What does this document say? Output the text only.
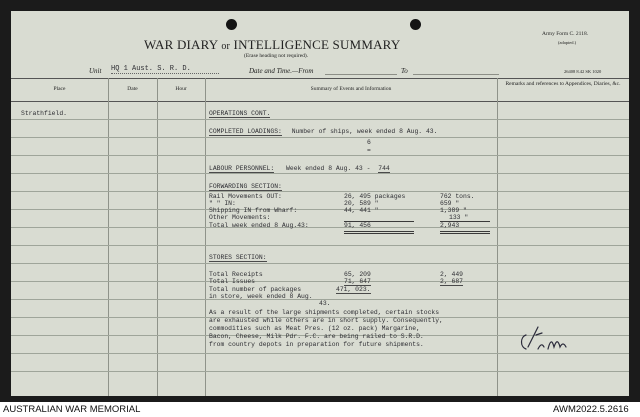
WAR DIARY or INTELLIGENCE SUMMARY
(Erase heading not required).
Army Form C. 2118.
(adapted.)
Unit HQ 1 Aust. S. R. D.	Date and Time.—From	To	26408 8.42 SK 1020
Place	Date	Hour	Summary of Events and Information
Remarks and references to Appendices, Diaries, &c.
Strathfield.	OPERATIONS CONT.
COMPLETED LOADINGS: Number of ships, week ended 8 Aug. 43.
6
=
LABOUR PERSONNEL: Week ended 8 Aug. 43 - 744
FORWARDING SECTION:
Rail Movements OUT:	26, 495 packages	762 tons.
" " IN:	20, 589 "	659 "
Shipping IN from Wharf:	44, 441 "	1,389 "
Other Movements:	133 "
Total week ended 8 Aug.43:	91, 456	2,943
STORES SECTION:
Total Receipts	65, 209	2, 449
Total Issues	71, 647	2, 687
Total number of packages	471, 023.
in store, week ended 8 Aug.
43.
As a result of the large shipments completed, certain stocks
are exhausted while others are in short supply. Consequently,
commodities such as Meat Pres. (12 oz. pack) Margarine,
Bacon, Cheese, Milk Pdr. F.C. are being railed to S.R.D.
from country depots in preparation for future shipments.
AUSTRALIAN WAR MEMORIAL	AWM2022.5.2616
